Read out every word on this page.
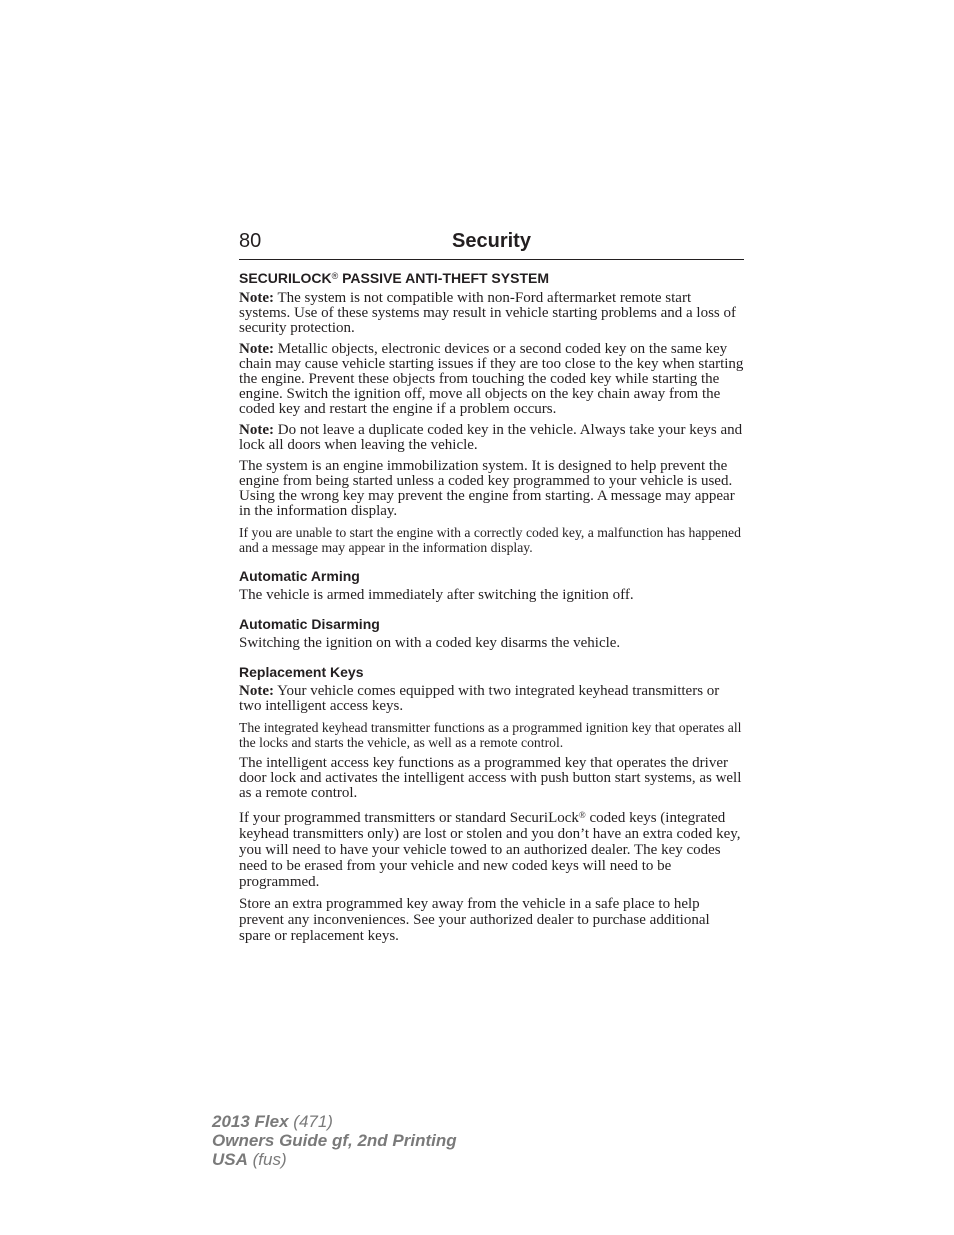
80	Security
SECURILOCK® PASSIVE ANTI-THEFT SYSTEM

Note: The system is not compatible with non-Ford aftermarket remote start systems. Use of these systems may result in vehicle starting problems and a loss of security protection.

Note: Metallic objects, electronic devices or a second coded key on the same key chain may cause vehicle starting issues if they are too close to the key when starting the engine. Prevent these objects from touching the coded key while starting the engine. Switch the ignition off, move all objects on the key chain away from the coded key and restart the engine if a problem occurs.

Note: Do not leave a duplicate coded key in the vehicle. Always take your keys and lock all doors when leaving the vehicle.

The system is an engine immobilization system. It is designed to help prevent the engine from being started unless a coded key programmed to your vehicle is used. Using the wrong key may prevent the engine from starting. A message may appear in the information display.

If you are unable to start the engine with a correctly coded key, a malfunction has happened and a message may appear in the information display.

Automatic Arming

The vehicle is armed immediately after switching the ignition off.

Automatic Disarming

Switching the ignition on with a coded key disarms the vehicle.

Replacement Keys

Note: Your vehicle comes equipped with two integrated keyhead transmitters or two intelligent access keys.

The integrated keyhead transmitter functions as a programmed ignition key that operates all the locks and starts the vehicle, as well as a remote control.

The intelligent access key functions as a programmed key that operates the driver door lock and activates the intelligent access with push button start systems, as well as a remote control.

If your programmed transmitters or standard SecuriLock® coded keys (integrated keyhead transmitters only) are lost or stolen and you don’t have an extra coded key, you will need to have your vehicle towed to an authorized dealer. The key codes need to be erased from your vehicle and new coded keys will need to be programmed.

Store an extra programmed key away from the vehicle in a safe place to help prevent any inconveniences. See your authorized dealer to purchase additional spare or replacement keys.

2013 Flex (471)
Owners Guide gf, 2nd Printing
USA (fus)
